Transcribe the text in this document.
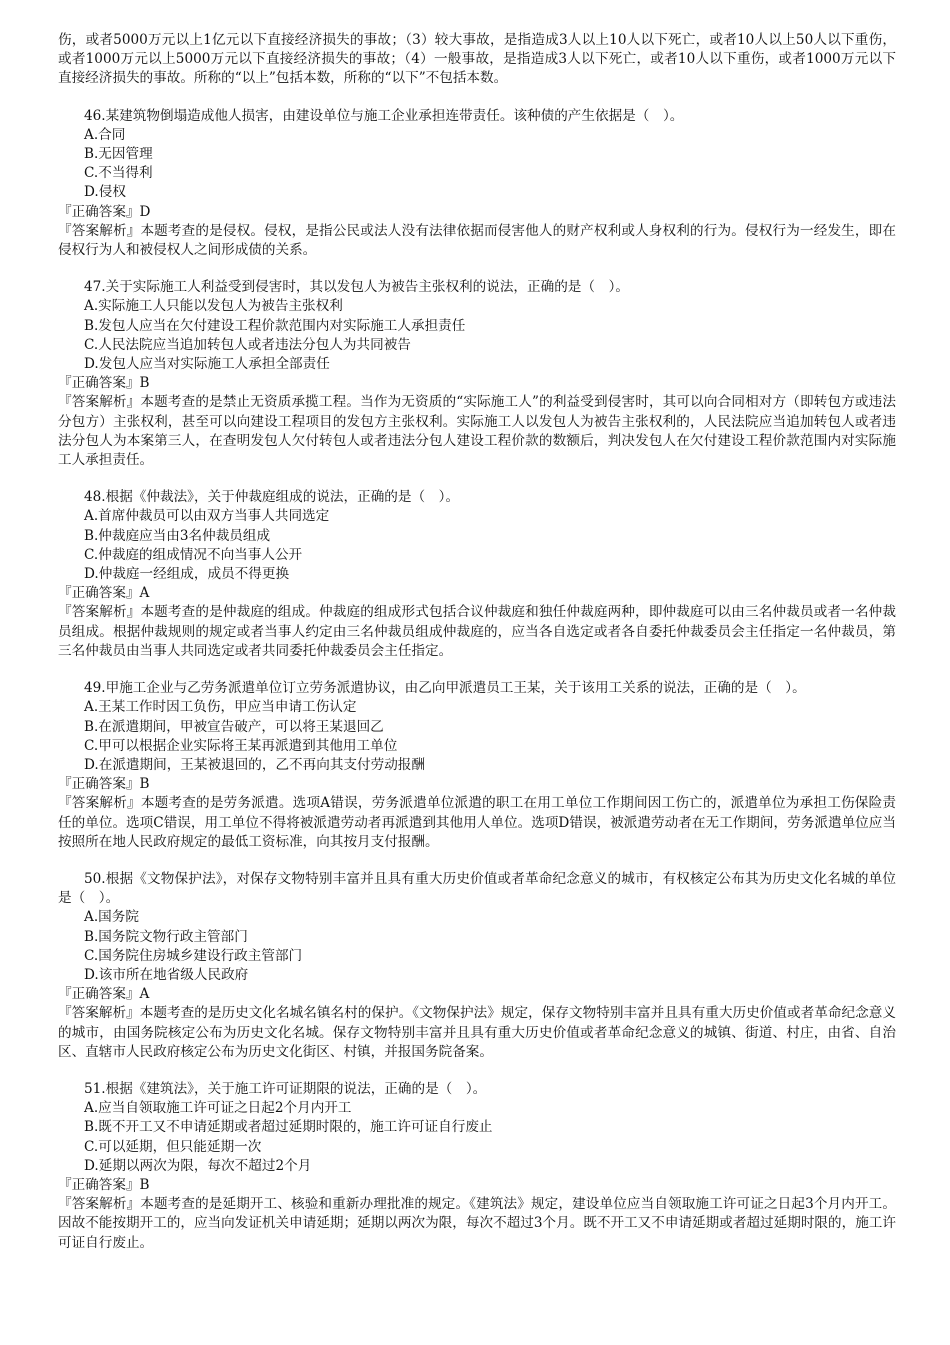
伤，或者5000万元以上1亿元以下直接经济损失的事故；（3）较大事故，是指造成3人以上10人以下死亡，或者10人以上50人以下重伤，或者1000万元以上5000万元以下直接经济损失的事故；（4）一般事故，是指造成3人以下死亡，或者10人以下重伤，或者1000万元以下直接经济损失的事故。所称的“以上”包括本数，所称的“以下”不包括本数。
46.某建筑物倒塌造成他人损害，由建设单位与施工企业承担连带责任。该种债的产生依据是（　）。
A.合同
B.无因管理
C.不当得利
D.侵权
『正确答案』D
『答案解析』本题考查的是侵权。侵权，是指公民或法人没有法律依据而侵害他人的财产权利或人身权利的行为。侵权行为一经发生，即在侵权行为人和被侵权人之间形成债的关系。
47.关于实际施工人利益受到侵害时，其以发包人为被告主张权利的说法，正确的是（　）。
A.实际施工人只能以发包人为被告主张权利
B.发包人应当在欠付建设工程价款范围内对实际施工人承担责任
C.人民法院应当追加转包人或者违法分包人为共同被告
D.发包人应当对实际施工人承担全部责任
『正确答案』B
『答案解析』本题考查的是禁止无资质承揽工程。当作为无资质的“实际施工人”的利益受到侵害时，其可以向合同相对方（即转包方或违法分包方）主张权利，甚至可以向建设工程项目的发包方主张权利。实际施工人以发包人为被告主张权利的，人民法院应当追加转包人或者违法分包人为本案第三人，在查明发包人欠付转包人或者违法分包人建设工程价款的数额后，判决发包人在欠付建设工程价款范围内对实际施工人承担责任。
48.根据《仲裁法》，关于仲裁庭组成的说法，正确的是（　）。
A.首席仲裁员可以由双方当事人共同选定
B.仲裁庭应当由3名仲裁员组成
C.仲裁庭的组成情况不向当事人公开
D.仲裁庭一经组成，成员不得更换
『正确答案』A
『答案解析』本题考查的是仲裁庭的组成。仲裁庭的组成形式包括合议仲裁庭和独任仲裁庭两种，即仲裁庭可以由三名仲裁员或者一名仲裁员组成。根据仲裁规则的规定或者当事人约定由三名仲裁员组成仲裁庭的，应当各自选定或者各自委托仲裁委员会主任指定一名仲裁员，第三名仲裁员由当事人共同选定或者共同委托仲裁委员会主任指定。
49.甲施工企业与乙劳务派遣单位订立劳务派遣协议，由乙向甲派遣员工王某，关于该用工关系的说法，正确的是（　）。
A.王某工作时因工负伤，甲应当申请工伤认定
B.在派遣期间，甲被宣告破产，可以将王某退回乙
C.甲可以根据企业实际将王某再派遣到其他用工单位
D.在派遣期间，王某被退回的，乙不再向其支付劳动报酬
『正确答案』B
『答案解析』本题考查的是劳务派遣。选项A错误，劳务派遣单位派遣的职工在用工单位工作期间因工伤亡的，派遣单位为承担工伤保险责任的单位。选项C错误，用工单位不得将被派遣劳动者再派遣到其他用人单位。选项D错误，被派遣劳动者在无工作期间，劳务派遣单位应当按照所在地人民政府规定的最低工资标准，向其按月支付报酬。
50.根据《文物保护法》，对保存文物特别丰富并且具有重大历史价值或者革命纪念意义的城市，有权核定公布其为历史文化名城的单位是（　）。
A.国务院
B.国务院文物行政主管部门
C.国务院住房城乡建设行政主管部门
D.该市所在地省级人民政府
『正确答案』A
『答案解析』本题考查的是历史文化名城名镇名村的保护。《文物保护法》规定，保存文物特别丰富并且具有重大历史价值或者革命纪念意义的城市，由国务院核定公布为历史文化名城。保存文物特别丰富并且具有重大历史价值或者革命纪念意义的城镇、街道、村庄，由省、自治区、直辖市人民政府核定公布为历史文化街区、村镇，并报国务院备案。
51.根据《建筑法》，关于施工许可证期限的说法，正确的是（　）。
A.应当自领取施工许可证之日起2个月内开工
B.既不开工又不申请延期或者超过延期时限的，施工许可证自行废止
C.可以延期，但只能延期一次
D.延期以两次为限，每次不超过2个月
『正确答案』B
『答案解析』本题考查的是延期开工、核验和重新办理批准的规定。《建筑法》规定，建设单位应当自领取施工许可证之日起3个月内开工。因故不能按期开工的，应当向发证机关申请延期；延期以两次为限，每次不超过3个月。既不开工又不申请延期或者超过延期时限的，施工许可证自行废止。
